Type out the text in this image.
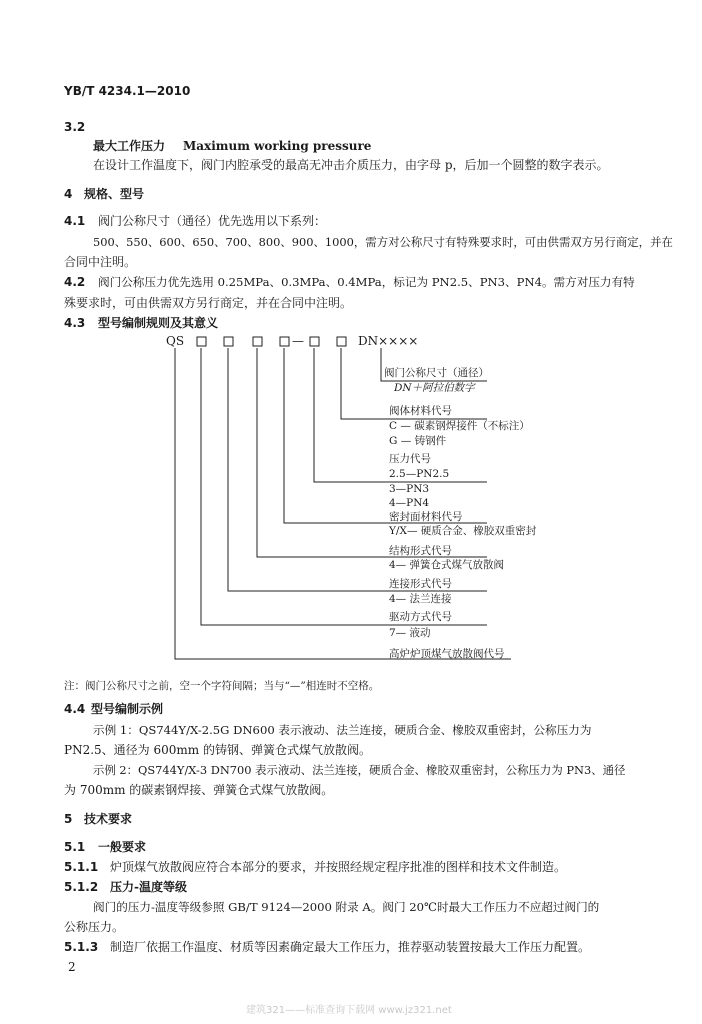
YB/T 4234.1—2010
3.2
最大工作压力 Maximum working pressure
在设计工作温度下，阀门内腔承受的最高无冲击介质压力，由字母 p，后加一个圆整的数字表示。
4 规格、型号
4.1 阀门公称尺寸（通径）优先选用以下系列：
500、550、600、650、700、800、900、1000，需方对公称尺寸有特殊要求时，可由供需双方另行商定，并在
合同中注明。
4.2 阀门公称压力优先选用 0.25MPa、0.3MPa、0.4MPa，标记为 PN2.5、PN3、PN4。需方对压力有特
殊要求时，可由供需双方另行商定，并在合同中注明。
4.3 型号编制规则及其意义
QS	—	DN××××
阀门公称尺寸（通径）
DN＋阿拉伯数字
阀体材料代号
C — 碳素钢焊接件（不标注）
G — 铸钢件
压力代号
2.5—PN2.5
3—PN3
4—PN4
密封面材料代号
Y/X— 硬质合金、橡胶双重密封
结构形式代号
4— 弹簧仓式煤气放散阀
连接形式代号
4— 法兰连接
驱动方式代号
7— 液动
高炉炉顶煤气放散阀代号
注：阀门公称尺寸之前，空一个字符间隔；当与“—”相连时不空格。
4.4 型号编制示例
示例 1：QS744Y/X-2.5G DN600 表示液动、法兰连接，硬质合金、橡胶双重密封，公称压力为
PN2.5、通径为 600mm 的铸钢、弹簧仓式煤气放散阀。
示例 2：QS744Y/X-3 DN700 表示液动、法兰连接，硬质合金、橡胶双重密封，公称压力为 PN3、通径
为 700mm 的碳素钢焊接、弹簧仓式煤气放散阀。
5 技术要求
5.1 一般要求
5.1.1 炉顶煤气放散阀应符合本部分的要求，并按照经规定程序批准的图样和技术文件制造。
5.1.2 压力-温度等级
阀门的压力-温度等级参照 GB/T 9124—2000 附录 A。阀门 20℃时最大工作压力不应超过阀门的
公称压力。
5.1.3 制造厂依据工作温度、材质等因素确定最大工作压力，推荐驱动装置按最大工作压力配置。
2
建筑321——标准查询下载网 www.jz321.net
